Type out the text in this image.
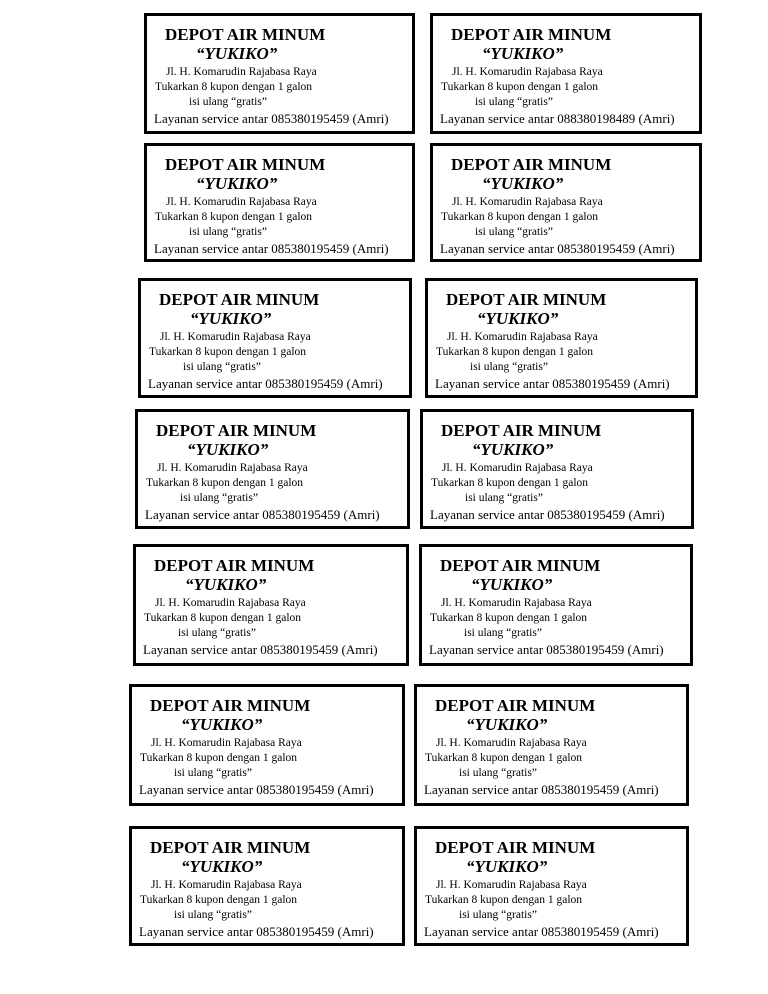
DEPOT AIR MINUM
“YUKIKO”
Jl. H. Komarudin Rajabasa Raya
Tukarkan 8 kupon dengan 1 galon
isi ulang “gratis”
Layanan service antar 085380195459 (Amri)
DEPOT AIR MINUM
“YUKIKO”
Jl. H. Komarudin Rajabasa Raya
Tukarkan 8 kupon dengan 1 galon
isi ulang “gratis”
Layanan service antar 088380198489 (Amri)
DEPOT AIR MINUM
“YUKIKO”
Jl. H. Komarudin Rajabasa Raya
Tukarkan 8 kupon dengan 1 galon
isi ulang “gratis”
Layanan service antar 085380195459 (Amri)
DEPOT AIR MINUM
“YUKIKO”
Jl. H. Komarudin Rajabasa Raya
Tukarkan 8 kupon dengan 1 galon
isi ulang “gratis”
Layanan service antar 085380195459 (Amri)
DEPOT AIR MINUM
“YUKIKO”
Jl. H. Komarudin Rajabasa Raya
Tukarkan 8 kupon dengan 1 galon
isi ulang “gratis”
Layanan service antar 085380195459 (Amri)
DEPOT AIR MINUM
“YUKIKO”
Jl. H. Komarudin Rajabasa Raya
Tukarkan 8 kupon dengan 1 galon
isi ulang “gratis”
Layanan service antar 085380195459 (Amri)
DEPOT AIR MINUM
“YUKIKO”
Jl. H. Komarudin Rajabasa Raya
Tukarkan 8 kupon dengan 1 galon
isi ulang “gratis”
Layanan service antar 085380195459 (Amri)
DEPOT AIR MINUM
“YUKIKO”
Jl. H. Komarudin Rajabasa Raya
Tukarkan 8 kupon dengan 1 galon
isi ulang “gratis”
Layanan service antar 085380195459 (Amri)
DEPOT AIR MINUM
“YUKIKO”
Jl. H. Komarudin Rajabasa Raya
Tukarkan 8 kupon dengan 1 galon
isi ulang “gratis”
Layanan service antar 085380195459 (Amri)
DEPOT AIR MINUM
“YUKIKO”
Jl. H. Komarudin Rajabasa Raya
Tukarkan 8 kupon dengan 1 galon
isi ulang “gratis”
Layanan service antar 085380195459 (Amri)
DEPOT AIR MINUM
“YUKIKO”
Jl. H. Komarudin Rajabasa Raya
Tukarkan 8 kupon dengan 1 galon
isi ulang “gratis”
Layanan service antar 085380195459 (Amri)
DEPOT AIR MINUM
“YUKIKO”
Jl. H. Komarudin Rajabasa Raya
Tukarkan 8 kupon dengan 1 galon
isi ulang “gratis”
Layanan service antar 085380195459 (Amri)
DEPOT AIR MINUM
“YUKIKO”
Jl. H. Komarudin Rajabasa Raya
Tukarkan 8 kupon dengan 1 galon
isi ulang “gratis”
Layanan service antar 085380195459 (Amri)
DEPOT AIR MINUM
“YUKIKO”
Jl. H. Komarudin Rajabasa Raya
Tukarkan 8 kupon dengan 1 galon
isi ulang “gratis”
Layanan service antar 085380195459 (Amri)
